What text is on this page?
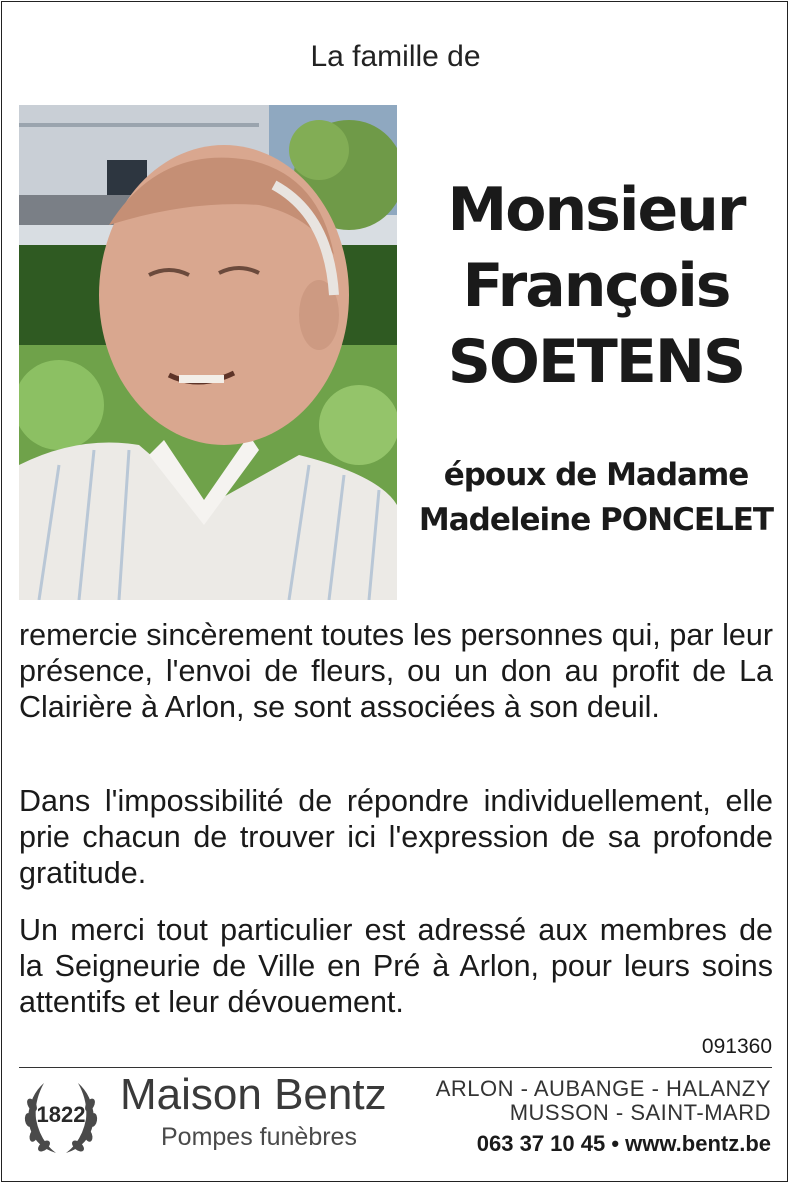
La famille de
Monsieur
François
SOETENS
époux de Madame
Madeleine PONCELET
remercie sincèrement toutes les personnes qui, par leur présence, l'envoi de fleurs, ou un don au profit de La Clairière à Arlon, se sont associées à son deuil.
Dans l'impossibilité de répondre individuellement, elle prie chacun de trouver ici l'expression de sa profonde gratitude.
Un merci tout particulier est adressé aux membres de la Seigneurie de Ville en Pré à Arlon, pour leurs soins attentifs et leur dévouement.
091360
1822 Maison Bentz
Pompes funèbres
ARLON - AUBANGE - HALANZY
MUSSON - SAINT-MARD
063 37 10 45 • www.bentz.be
